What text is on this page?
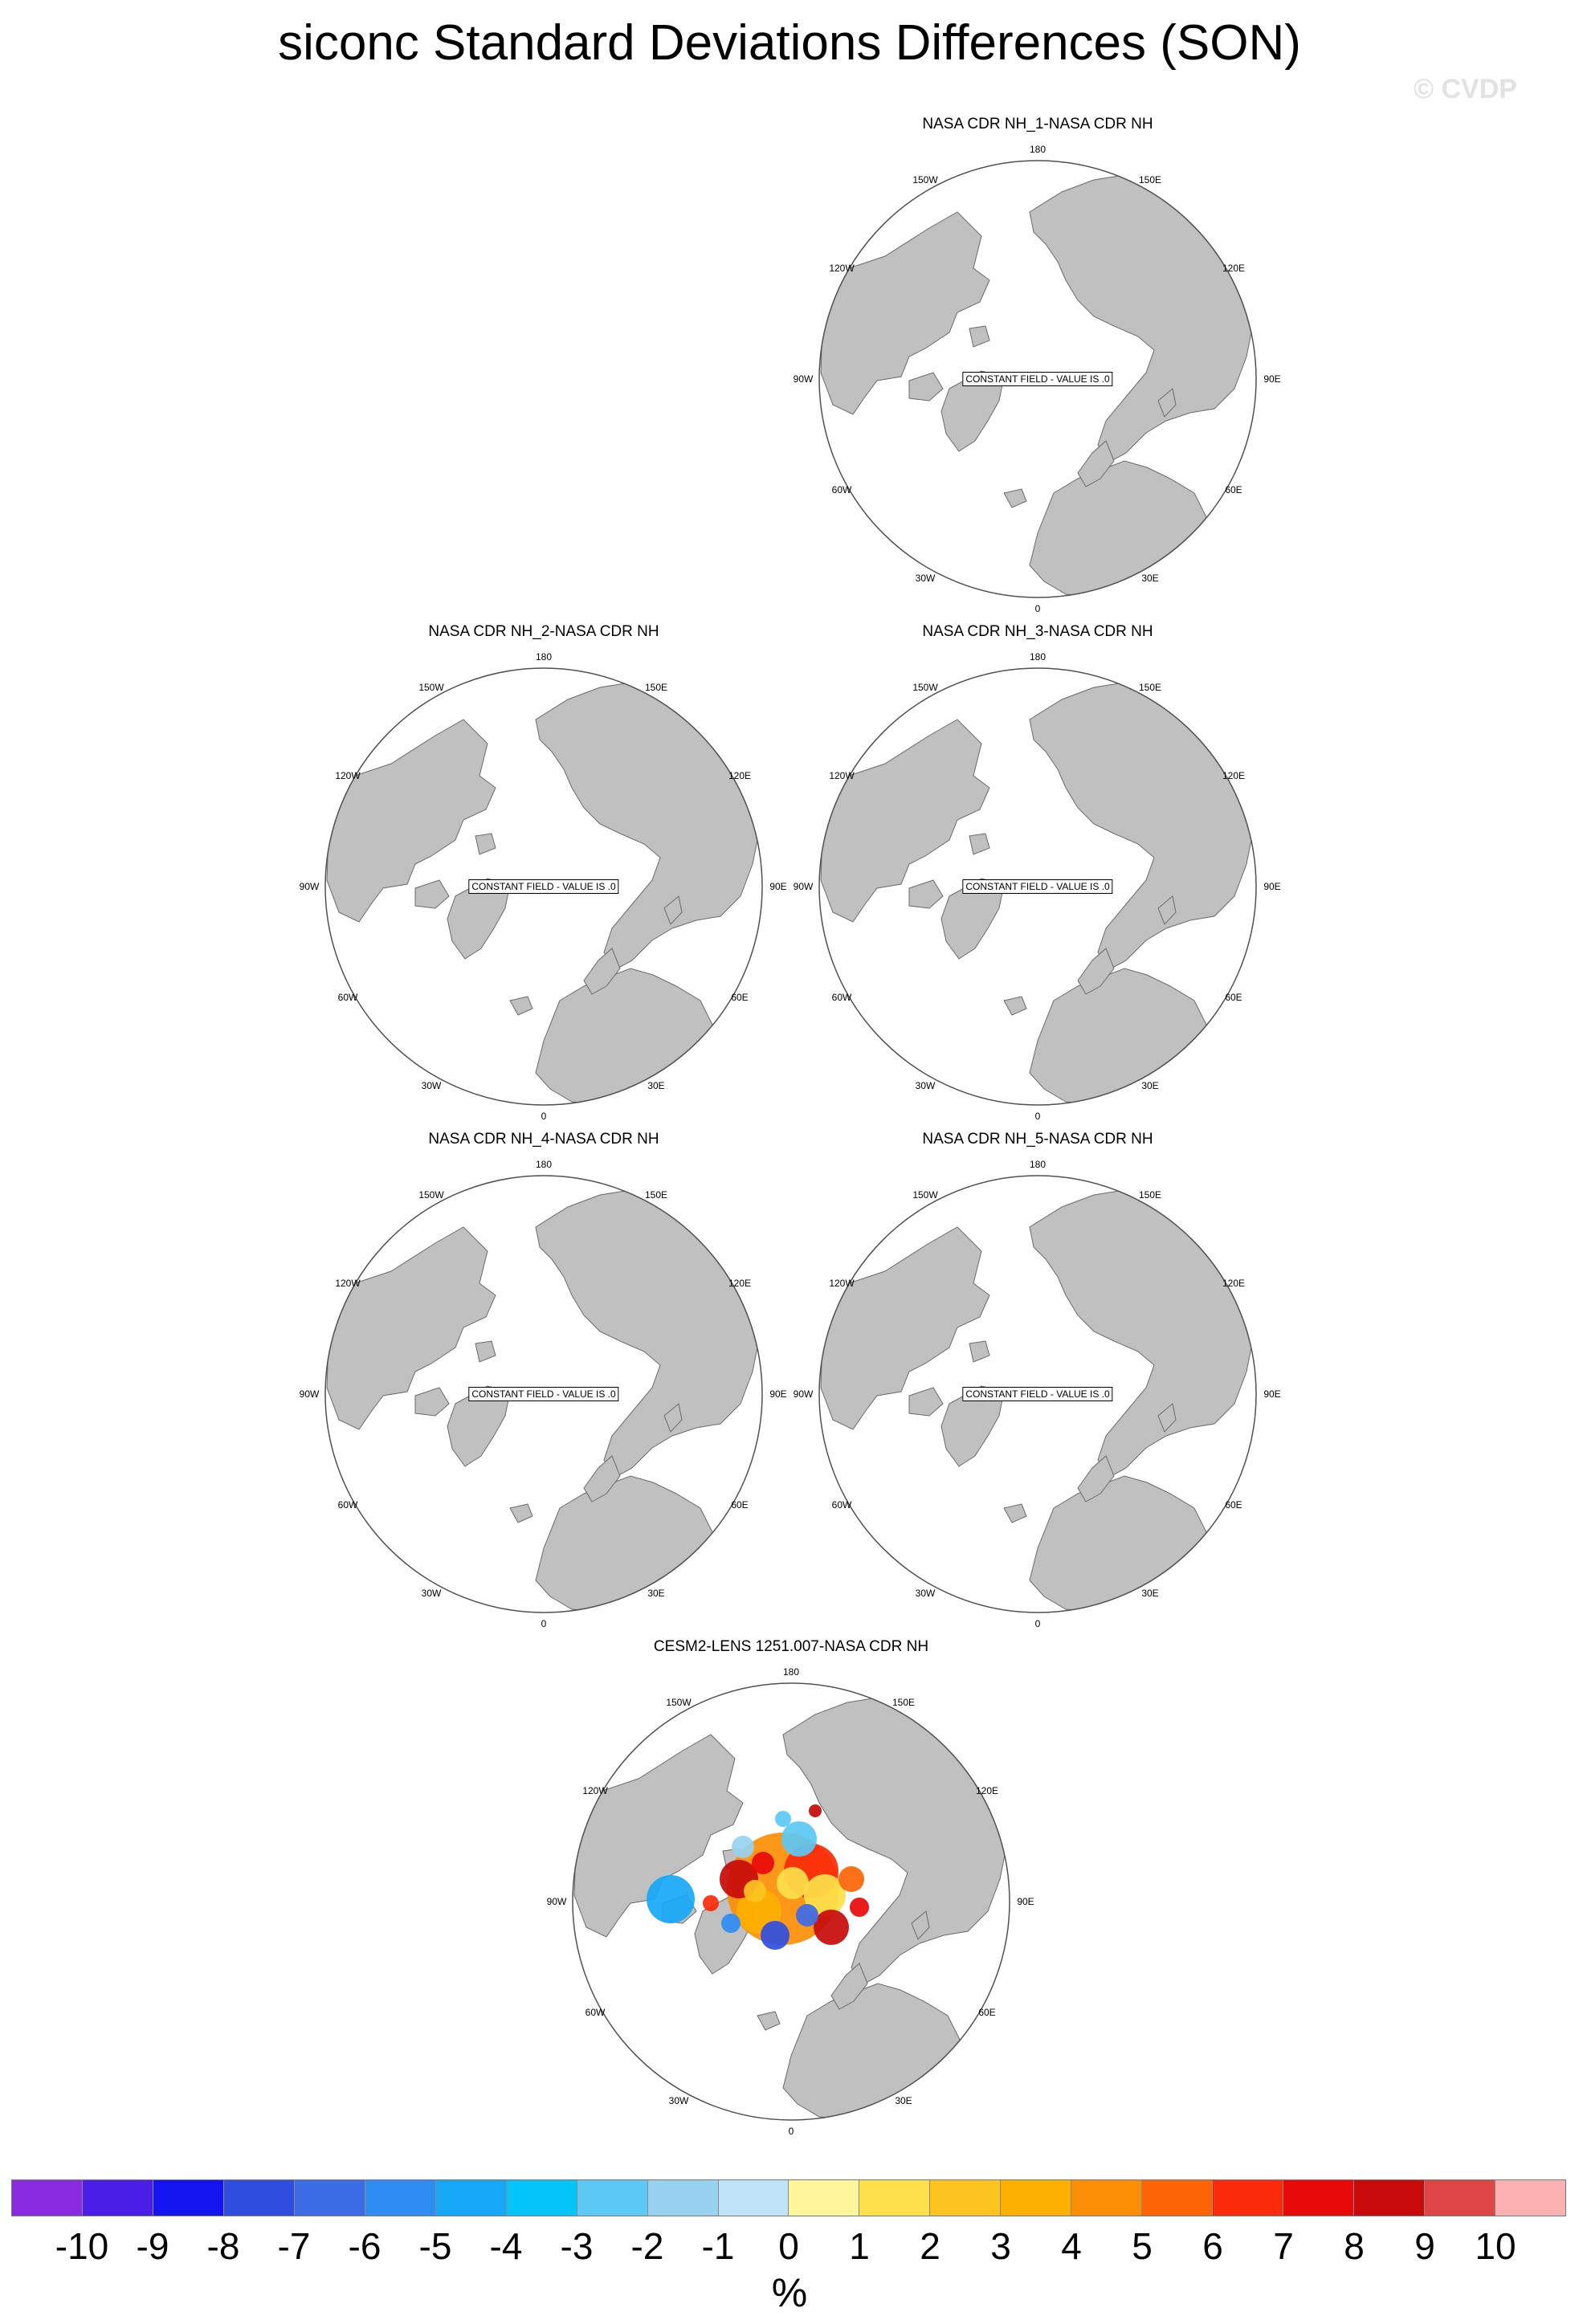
siconc Standard Deviations Differences (SON)
© CVDP
NASA CDR NH_1-NASA CDR NH
180
0
90W	90E
150W
120W
150E
120E
60W
30W
60E
30E
CONSTANT FIELD - VALUE IS .0
NASA CDR NH_2-NASA CDR NH
180
0
90W	90E
150W
120W
150E
120E
60W
30W
60E
30E
CONSTANT FIELD - VALUE IS .0
NASA CDR NH_3-NASA CDR NH
180
0
90W	90E
150W
120W
150E
120E
60W
30W
60E
30E
CONSTANT FIELD - VALUE IS .0
NASA CDR NH_4-NASA CDR NH
180
0
90W	90E
150W
120W
150E
120E
60W
30W
60E
30E
CONSTANT FIELD - VALUE IS .0
NASA CDR NH_5-NASA CDR NH
180
0
90W	90E
150W
120W
150E
120E
60W
30W
60E
30E
CONSTANT FIELD - VALUE IS .0
CESM2-LENS 1251.007-NASA CDR NH
180
0
90W	90E
150W
120W
150E
120E
60W
30W
60E
30E
-10 -9 -8 -7 -6 -5 -4 -3 -2 -1 0 1 2 3 4 5 6 7 8 9 10
%
